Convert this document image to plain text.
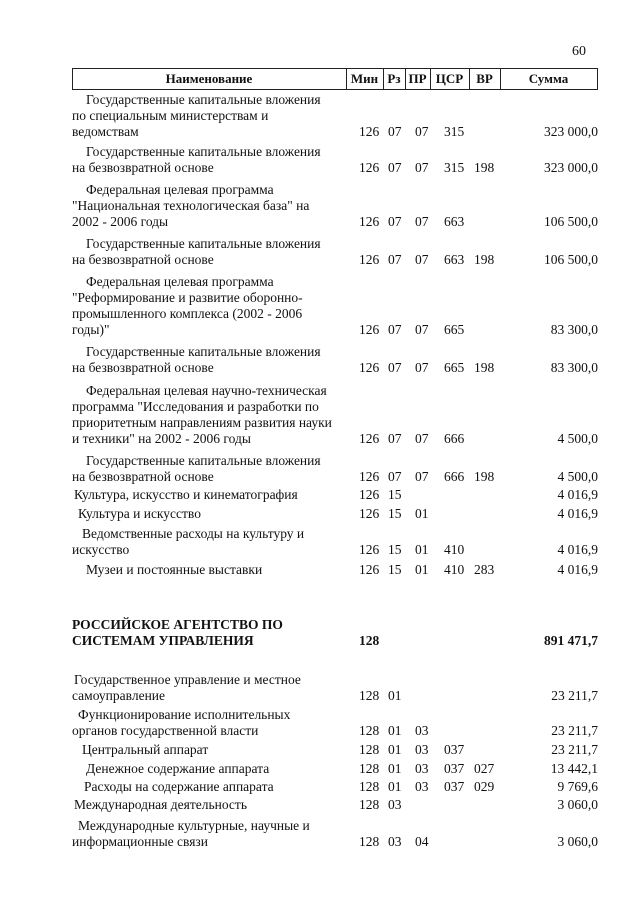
60
Наименование	Мин Рз ПР ЦСР ВР	Сумма
Государственные капитальные вложения
по специальным министерствам и
ведомствам	126 07 07 315	323 000,0
Государственные капитальные вложения
на безвозвратной основе	126 07 07 315 198	323 000,0
Федеральная целевая программа
"Национальная технологическая база" на
2002 - 2006 годы	126 07 07 663	106 500,0
Государственные капитальные вложения
на безвозвратной основе	126 07 07 663 198	106 500,0
Федеральная целевая программа
"Реформирование и развитие оборонно-
промышленного комплекса (2002 - 2006
годы)"	126 07 07 665	83 300,0
Государственные капитальные вложения
на безвозвратной основе	126 07 07 665 198	83 300,0
Федеральная целевая научно-техническая
программа "Исследования и разработки по
приоритетным направлениям развития науки
и техники" на 2002 - 2006 годы	126 07 07 666	4 500,0
Государственные капитальные вложения
на безвозвратной основе	126 07 07 666 198	4 500,0
Культура, искусство и кинематография	126 15	4 016,9
Культура и искусство	126 15 01	4 016,9
Ведомственные расходы на культуру и
искусство	126 15 01 410	4 016,9
Музеи и постоянные выставки	126 15 01 410 283	4 016,9
РОССИЙСКОЕ АГЕНТСТВО ПО
СИСТЕМАМ УПРАВЛЕНИЯ	128	891 471,7
Государственное управление и местное
самоуправление	128 01	23 211,7
Функционирование исполнительных
органов государственной власти	128 01 03	23 211,7
Центральный аппарат	128 01 03 037	23 211,7
Денежное содержание аппарата	128 01 03 037 027	13 442,1
Расходы на содержание аппарата	128 01 03 037 029	9 769,6
Международная деятельность	128 03	3 060,0
Международные культурные, научные и
информационные связи	128 03 04	3 060,0
